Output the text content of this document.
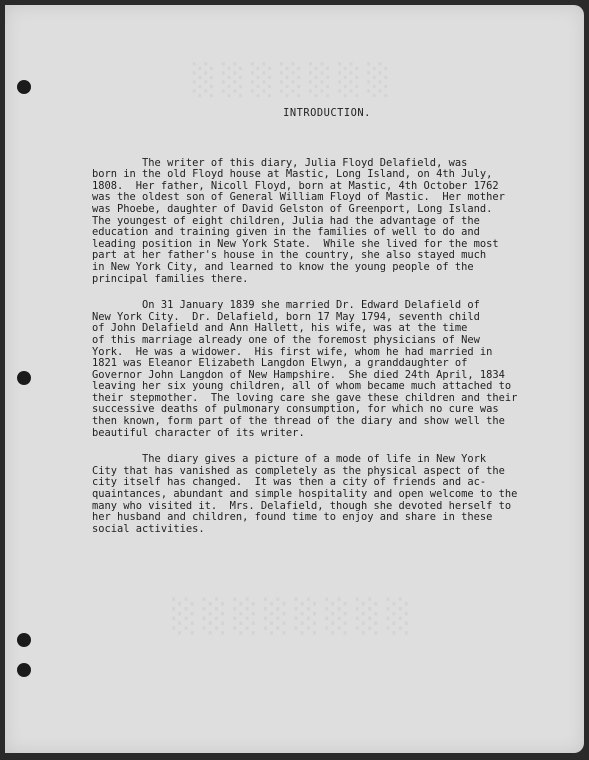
INTRODUCTION.
The writer of this diary, Julia Floyd Delafield, was
born in the old Floyd house at Mastic, Long Island, on 4th July,
1808.  Her father, Nicoll Floyd, born at Mastic, 4th October 1762
was the oldest son of General William Floyd of Mastic.  Her mother
was Phoebe, daughter of David Gelston of Greenport, Long Island.
The youngest of eight children, Julia had the advantage of the
education and training given in the families of well to do and
leading position in New York State.  While she lived for the most
part at her father's house in the country, she also stayed much
in New York City, and learned to know the young people of the
principal families there.
On 31 January 1839 she married Dr. Edward Delafield of
New York City.  Dr. Delafield, born 17 May 1794, seventh child
of John Delafield and Ann Hallett, his wife, was at the time
of this marriage already one of the foremost physicians of New
York.  He was a widower.  His first wife, whom he had married in
1821 was Eleanor Elizabeth Langdon Elwyn, a granddaughter of
Governor John Langdon of New Hampshire.  She died 24th April, 1834
leaving her six young children, all of whom became much attached to
their stepmother.  The loving care she gave these children and their
successive deaths of pulmonary consumption, for which no cure was
then known, form part of the thread of the diary and show well the
beautiful character of its writer.
The diary gives a picture of a mode of life in New York
City that has vanished as completely as the physical aspect of the
city itself has changed.  It was then a city of friends and ac-
quaintances, abundant and simple hospitality and open welcome to the
many who visited it.  Mrs. Delafield, though she devoted herself to
her husband and children, found time to enjoy and share in these
social activities.
